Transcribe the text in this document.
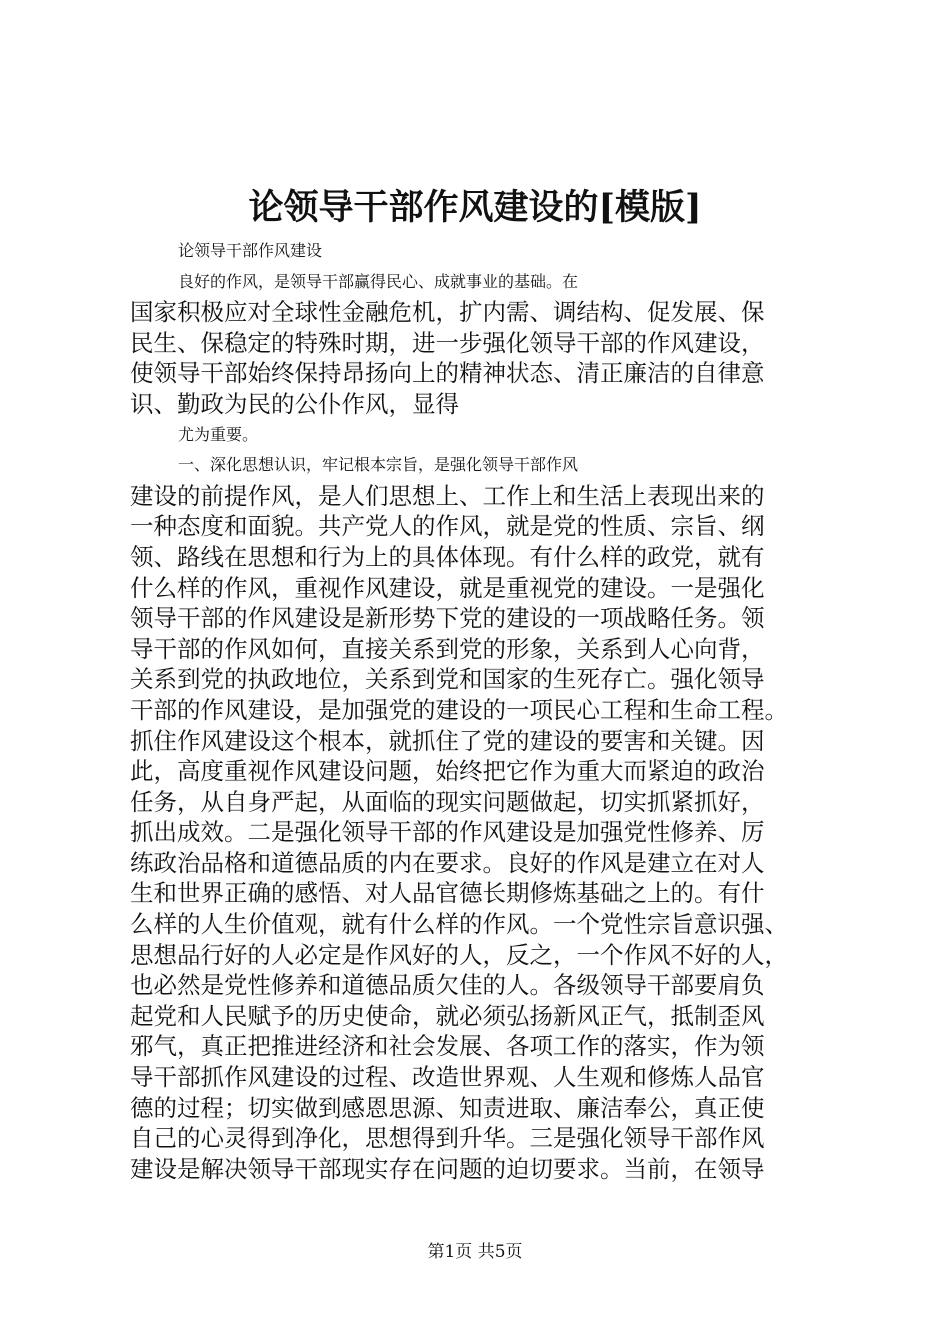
论领导干部作风建设的[模版]
论领导干部作风建设
良好的作风，是领导干部赢得民心、成就事业的基础。在
国家积极应对全球性金融危机，扩内需、调结构、促发展、保
民生、保稳定的特殊时期，进一步强化领导干部的作风建设，
使领导干部始终保持昂扬向上的精神状态、清正廉洁的自律意
识、勤政为民的公仆作风，显得
尤为重要。
一、深化思想认识，牢记根本宗旨，是强化领导干部作风
建设的前提作风，是人们思想上、工作上和生活上表现出来的
一种态度和面貌。共产党人的作风，就是党的性质、宗旨、纲
领、路线在思想和行为上的具体体现。有什么样的政党，就有
什么样的作风，重视作风建设，就是重视党的建设。一是强化
领导干部的作风建设是新形势下党的建设的一项战略任务。领
导干部的作风如何，直接关系到党的形象，关系到人心向背，
关系到党的执政地位，关系到党和国家的生死存亡。强化领导
干部的作风建设，是加强党的建设的一项民心工程和生命工程。
抓住作风建设这个根本，就抓住了党的建设的要害和关键。因
此，高度重视作风建设问题，始终把它作为重大而紧迫的政治
任务，从自身严起，从面临的现实问题做起，切实抓紧抓好，
抓出成效。二是强化领导干部的作风建设是加强党性修养、厉
练政治品格和道德品质的内在要求。良好的作风是建立在对人
生和世界正确的感悟、对人品官德长期修炼基础之上的。有什
么样的人生价值观，就有什么样的作风。一个党性宗旨意识强、
思想品行好的人必定是作风好的人，反之，一个作风不好的人，
也必然是党性修养和道德品质欠佳的人。各级领导干部要肩负
起党和人民赋予的历史使命，就必须弘扬新风正气，抵制歪风
邪气，真正把推进经济和社会发展、各项工作的落实，作为领
导干部抓作风建设的过程、改造世界观、人生观和修炼人品官
德的过程；切实做到感恩思源、知责进取、廉洁奉公，真正使
自己的心灵得到净化，思想得到升华。三是强化领导干部作风
建设是解决领导干部现实存在问题的迫切要求。当前，在领导
第1页 共5页
